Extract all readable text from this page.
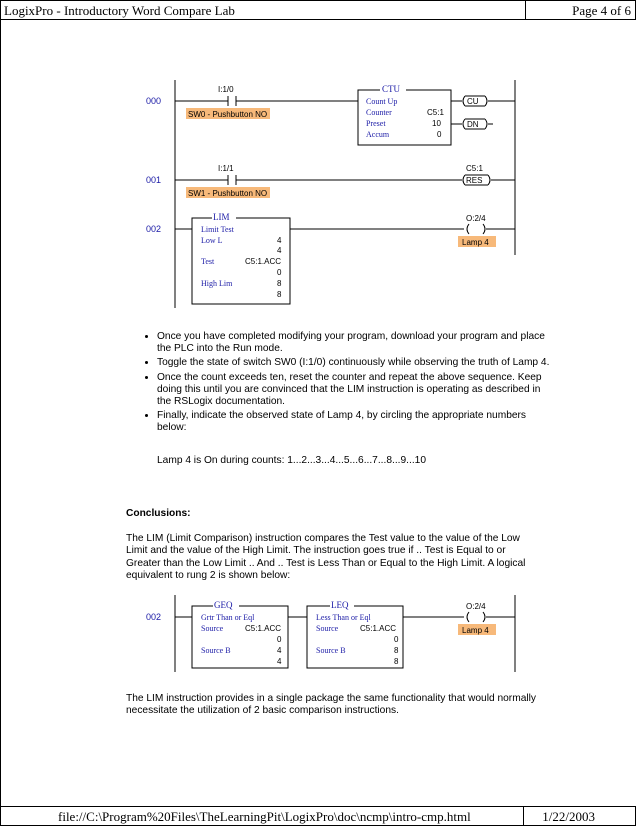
LogixPro - Introductory Word Compare Lab	Page 4 of 6
000
I:1/0
SW0 - Pushbutton NO
CTU
Count Up
Counter	C5:1
Preset	10
Accum	0
CU
DN
001
I:1/1
SW1 - Pushbutton NO
C5:1
RES
002
LIM
Limit Test
Low L	4
4
Test	C5:1.ACC
0
High Lim	8
8
O:2/4
Lamp 4
• Once you have completed modifying your program, download your program and place the PLC into the Run mode.
• Toggle the state of switch SW0 (I:1/0) continuously while observing the truth of Lamp 4.
• Once the count exceeds ten, reset the counter and repeat the above sequence. Keep doing this until you are convinced that the LIM instruction is operating as described in the RSLogix documentation.
• Finally, indicate the observed state of Lamp 4, by circling the appropriate numbers below:
Lamp 4 is On during counts: 1...2...3...4...5...6...7...8...9...10
Conclusions:

The LIM (Limit Comparison) instruction compares the Test value to the value of the Low Limit and the value of the High Limit. The instruction goes true if .. Test is Equal to or Greater than the Low Limit .. And .. Test is Less Than or Equal to the High Limit. A logical equivalent to rung 2 is shown below:

002
GEQ
Grtr Than or Eql
Source	C5:1.ACC
0
Source B	4
4
LEQ
Less Than or Eql
Source	C5:1.ACC
0
Source B	8
8
O:2/4
Lamp 4

The LIM instruction provides in a single package the same functionality that would normally necessitate the utilization of 2 basic comparison instructions.

file://C:\Program%20Files\TheLearningPit\LogixPro\doc\ncmp\intro-cmp.html	1/22/2003
